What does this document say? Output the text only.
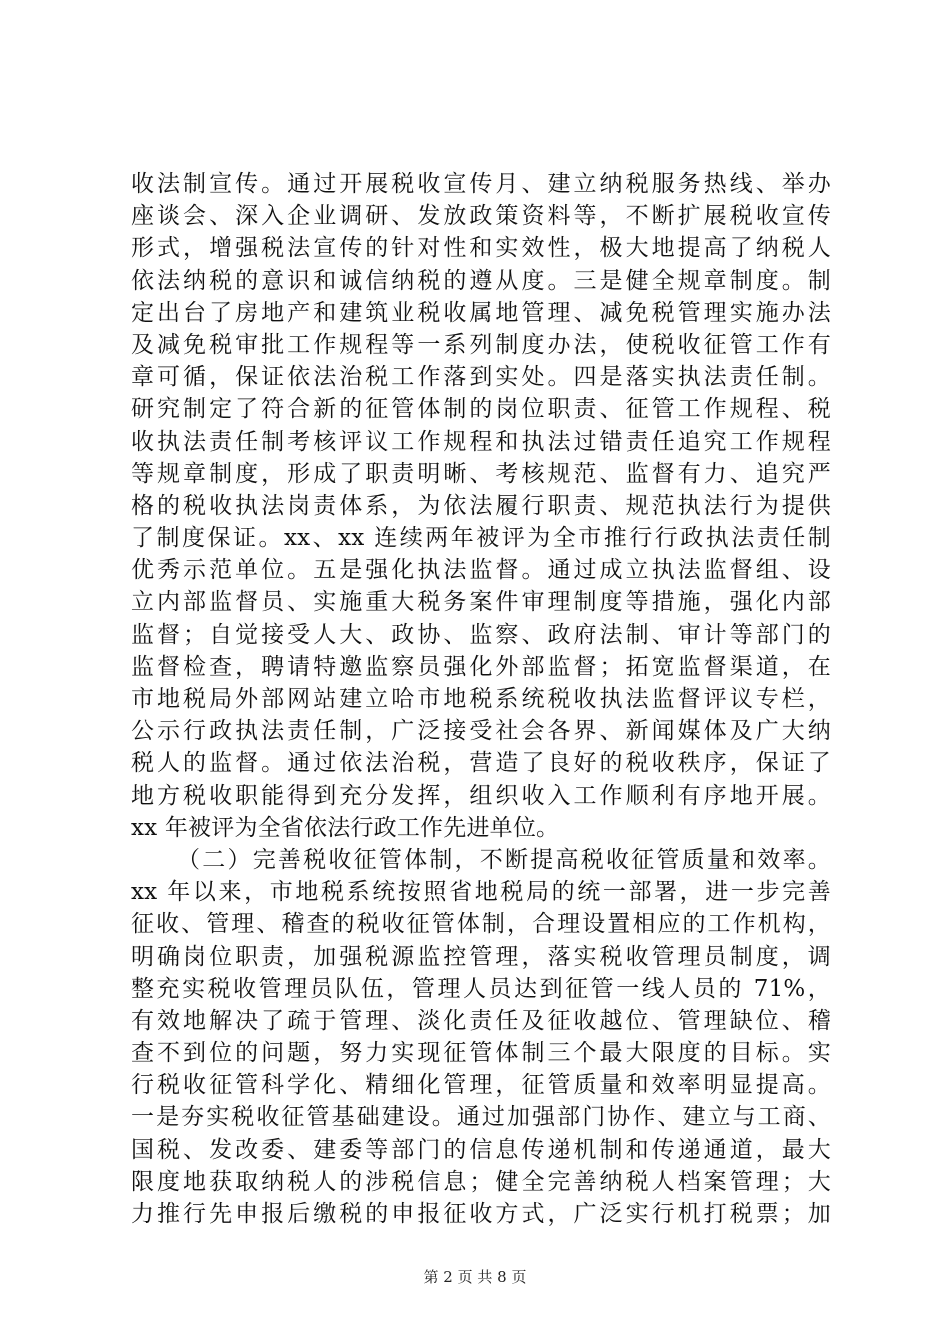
收法制宣传。通过开展税收宣传月、建立纳税服务热线、举办
座谈会、深入企业调研、发放政策资料等，不断扩展税收宣传
形式，增强税法宣传的针对性和实效性，极大地提高了纳税人
依法纳税的意识和诚信纳税的遵从度。三是健全规章制度。制
定出台了房地产和建筑业税收属地管理、减免税管理实施办法
及减免税审批工作规程等一系列制度办法，使税收征管工作有
章可循，保证依法治税工作落到实处。四是落实执法责任制。
研究制定了符合新的征管体制的岗位职责、征管工作规程、税
收执法责任制考核评议工作规程和执法过错责任追究工作规程
等规章制度，形成了职责明晰、考核规范、监督有力、追究严
格的税收执法岗责体系，为依法履行职责、规范执法行为提供
了制度保证。xx、xx 连续两年被评为全市推行行政执法责任制
优秀示范单位。五是强化执法监督。通过成立执法监督组、设
立内部监督员、实施重大税务案件审理制度等措施，强化内部
监督；自觉接受人大、政协、监察、政府法制、审计等部门的
监督检查，聘请特邀监察员强化外部监督；拓宽监督渠道，在
市地税局外部网站建立哈市地税系统税收执法监督评议专栏，
公示行政执法责任制，广泛接受社会各界、新闻媒体及广大纳
税人的监督。通过依法治税，营造了良好的税收秩序，保证了
地方税收职能得到充分发挥，组织收入工作顺利有序地开展。
xx 年被评为全省依法行政工作先进单位。
（二）完善税收征管体制，不断提高税收征管质量和效率。
xx 年以来，市地税系统按照省地税局的统一部署，进一步完善
征收、管理、稽查的税收征管体制，合理设置相应的工作机构，
明确岗位职责，加强税源监控管理，落实税收管理员制度，调
整充实税收管理员队伍，管理人员达到征管一线人员的 71%，
有效地解决了疏于管理、淡化责任及征收越位、管理缺位、稽
查不到位的问题，努力实现征管体制三个最大限度的目标。实
行税收征管科学化、精细化管理，征管质量和效率明显提高。
一是夯实税收征管基础建设。通过加强部门协作、建立与工商、
国税、发改委、建委等部门的信息传递机制和传递通道，最大
限度地获取纳税人的涉税信息；健全完善纳税人档案管理；大
力推行先申报后缴税的申报征收方式，广泛实行机打税票；加
第 2 页 共 8 页
